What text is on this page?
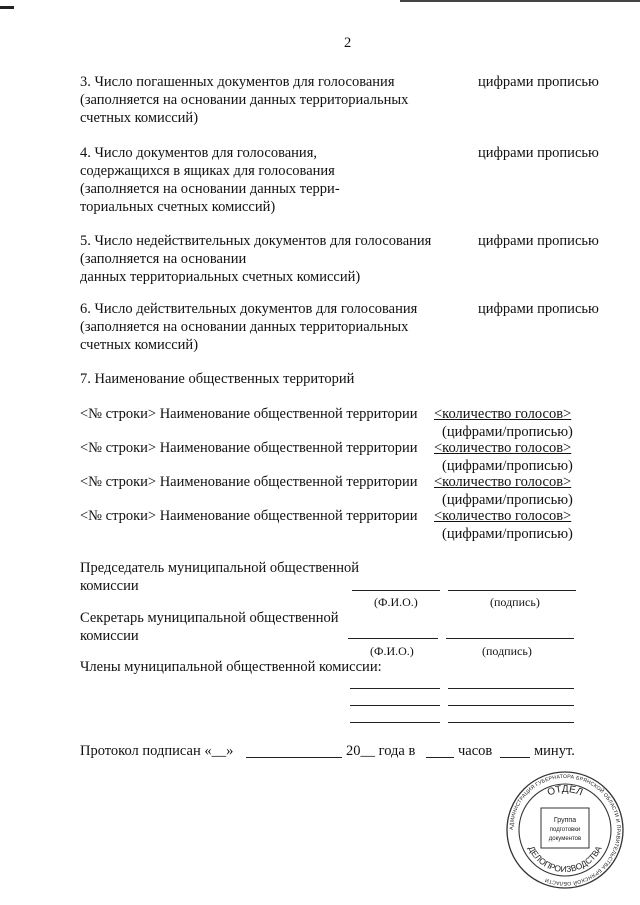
2
3. Число погашенных документов для голосования
(заполняется на основании данных территориальных
счетных комиссий)
цифрами прописью
4. Число документов для голосования,
содержащихся в ящиках для голосования
(заполняется на основании данных терри-
ториальных счетных комиссий)
цифрами прописью
5. Число недействительных документов для голосования
(заполняется на основании
данных территориальных счетных комиссий)
цифрами прописью
6. Число действительных документов для голосования
(заполняется на основании данных территориальных
счетных комиссий)
цифрами прописью
7. Наименование общественных территорий
<№ строки> Наименование общественной территории <количество голосов>
(цифрами/прописью)
<№ строки> Наименование общественной территории <количество голосов>
(цифрами/прописью)
<№ строки> Наименование общественной территории <количество голосов>
(цифрами/прописью)
<№ строки> Наименование общественной территории <количество голосов>
(цифрами/прописью)
Председатель муниципальной общественной
комиссии
(Ф.И.О.)	(подпись)
Секретарь муниципальной общественной
комиссии
(Ф.И.О.)	(подпись)
Члены муниципальной общественной комиссии:
Протокол подписан «__»	20__ года в	часов	минут.
АДМИНИСТРАЦИЯ ГУБЕРНАТОРА БРЯНСКОЙ ОБЛАСТИ И ПРАВИТЕЛЬСТВА БРЯНСКОЙ ОБЛАСТИ
ОТДЕЛ
ДЕЛОПРОИЗВОДСТВА
Группа
подготовки
документов
